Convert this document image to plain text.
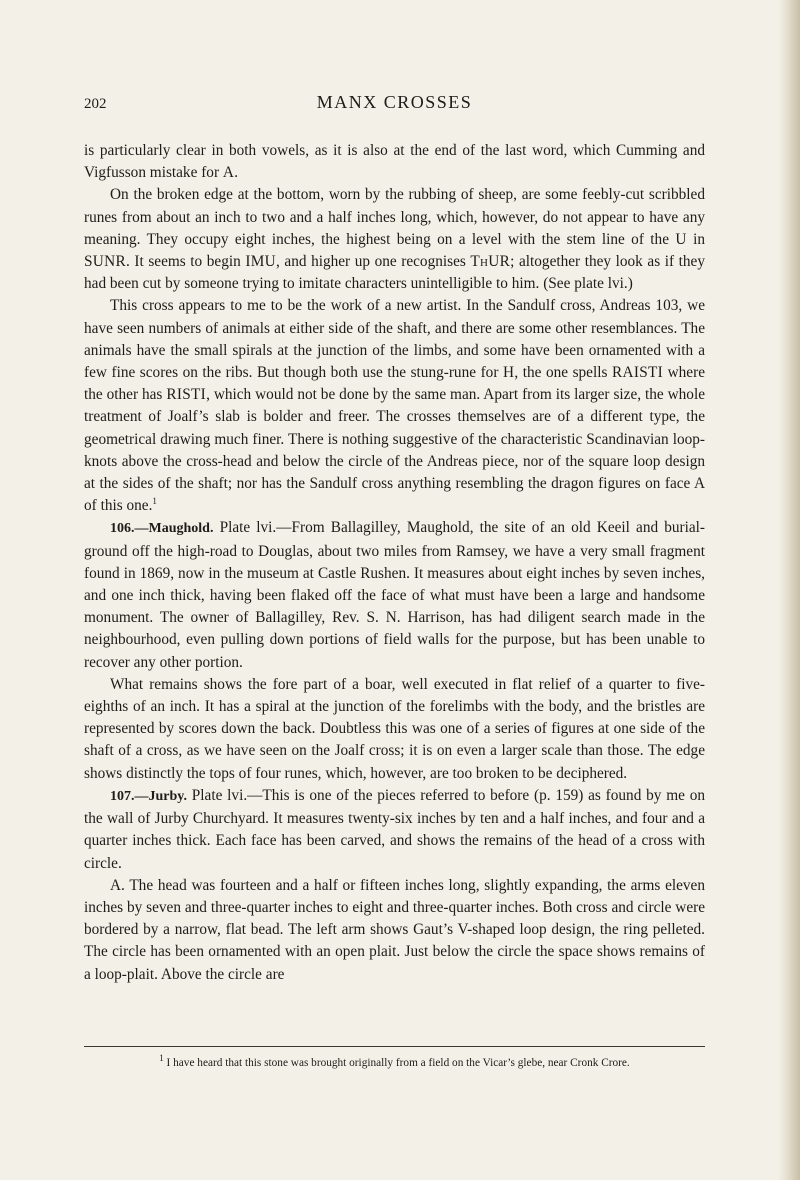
202	MANX CROSSES

is particularly clear in both vowels, as it is also at the end of the last word, which Cumming and Vigfusson mistake for A.

On the broken edge at the bottom, worn by the rubbing of sheep, are some feebly-cut scribbled runes from about an inch to two and a half inches long, which, however, do not appear to have any meaning. They occupy eight inches, the highest being on a level with the stem line of the U in SUNR. It seems to begin IMU, and higher up one recognises ThUR; altogether they look as if they had been cut by someone trying to imitate characters unintelligible to him. (See plate lvi.)

This cross appears to me to be the work of a new artist. In the Sandulf cross, Andreas 103, we have seen numbers of animals at either side of the shaft, and there are some other resemblances. The animals have the small spirals at the junction of the limbs, and some have been ornamented with a few fine scores on the ribs. But though both use the stung-rune for H, the one spells RAISTI where the other has RISTI, which would not be done by the same man. Apart from its larger size, the whole treatment of Joalf’s slab is bolder and freer. The crosses themselves are of a different type, the geometrical drawing much finer. There is nothing suggestive of the characteristic Scandinavian loop-knots above the cross-head and below the circle of the Andreas piece, nor of the square loop design at the sides of the shaft; nor has the Sandulf cross anything resembling the dragon figures on face A of this one.$^1$

106.—Maughold. Plate lvi.—From Ballagilley, Maughold, the site of an old Keeil and burial-ground off the high-road to Douglas, about two miles from Ramsey, we have a very small fragment found in 1869, now in the museum at Castle Rushen. It measures about eight inches by seven inches, and one inch thick, having been flaked off the face of what must have been a large and handsome monument. The owner of Ballagilley, Rev. S. N. Harrison, has had diligent search made in the neighbourhood, even pulling down portions of field walls for the purpose, but has been unable to recover any other portion.

What remains shows the fore part of a boar, well executed in flat relief of a quarter to five-eighths of an inch. It has a spiral at the junction of the forelimbs with the body, and the bristles are represented by scores down the back. Doubtless this was one of a series of figures at one side of the shaft of a cross, as we have seen on the Joalf cross; it is on even a larger scale than those. The edge shows distinctly the tops of four runes, which, however, are too broken to be deciphered.

107.—Jurby. Plate lvi.—This is one of the pieces referred to before (p. 159) as found by me on the wall of Jurby Churchyard. It measures twenty-six inches by ten and a half inches, and four and a quarter inches thick. Each face has been carved, and shows the remains of the head of a cross with circle.

A. The head was fourteen and a half or fifteen inches long, slightly expanding, the arms eleven inches by seven and three-quarter inches to eight and three-quarter inches. Both cross and circle were bordered by a narrow, flat bead. The left arm shows Gaut’s V-shaped loop design, the ring pelleted. The circle has been ornamented with an open plait. Just below the circle the space shows remains of a loop-plait. Above the circle are

$^1$ I have heard that this stone was brought originally from a field on the Vicar’s glebe, near Cronk Crore.
